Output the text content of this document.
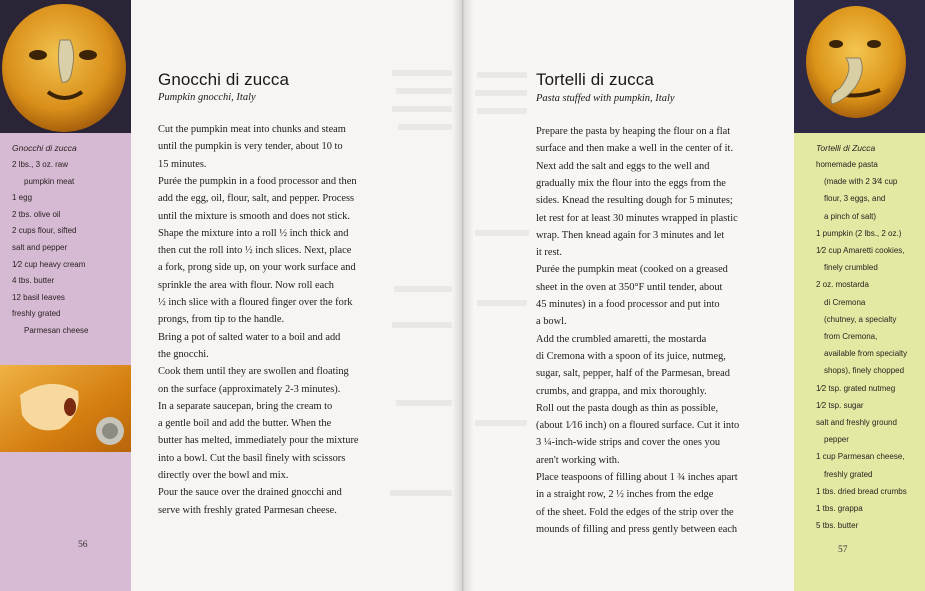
Gnocchi di zucca
2 lbs., 3 oz. raw
pumpkin meat
1 egg
2 tbs. olive oil
2 cups flour, sifted
salt and pepper
1⁄2 cup heavy cream
4 tbs. butter
12 basil leaves
freshly grated
Parmesan cheese
56
Gnocchi di zucca
Pumpkin gnocchi, Italy
Cut the pumpkin meat into chunks and steam
until the pumpkin is very tender, about 10 to
15 minutes.
Purée the pumpkin in a food processor and then
add the egg, oil, flour, salt, and pepper. Process
until the mixture is smooth and does not stick.
Shape the mixture into a roll ½ inch thick and
then cut the roll into ½ inch slices. Next, place
a fork, prong side up, on your work surface and
sprinkle the area with flour. Now roll each
½ inch slice with a floured finger over the fork
prongs, from tip to the handle.
Bring a pot of salted water to a boil and add
the gnocchi.
Cook them until they are swollen and floating
on the surface (approximately 2-3 minutes).
In a separate saucepan, bring the cream to
a gentle boil and add the butter. When the
butter has melted, immediately pour the mixture
into a bowl. Cut the basil finely with scissors
directly over the bowl and mix.
Pour the sauce over the drained gnocchi and
serve with freshly grated Parmesan cheese.
Tortelli di zucca
Pasta stuffed with pumpkin, Italy
Prepare the pasta by heaping the flour on a flat
surface and then make a well in the center of it.
Next add the salt and eggs to the well and
gradually mix the flour into the eggs from the
sides. Knead the resulting dough for 5 minutes;
let rest for at least 30 minutes wrapped in plastic
wrap. Then knead again for 3 minutes and let
it rest.
Purée the pumpkin meat (cooked on a greased
sheet in the oven at 350°F until tender, about
45 minutes) in a food processor and put into
a bowl.
Add the crumbled amaretti, the mostarda
di Cremona with a spoon of its juice, nutmeg,
sugar, salt, pepper, half of the Parmesan, bread
crumbs, and grappa, and mix thoroughly.
Roll out the pasta dough as thin as possible,
(about 1⁄16 inch) on a floured surface. Cut it into
3 ¼-inch-wide strips and cover the ones you
aren't working with.
Place teaspoons of filling about 1 ¾ inches apart
in a straight row, 2 ½ inches from the edge
of the sheet. Fold the edges of the strip over the
mounds of filling and press gently between each
Tortelli di Zucca
homemade pasta
(made with 2 3⁄4 cup
flour, 3 eggs, and
a pinch of salt)
1 pumpkin (2 lbs., 2 oz.)
1⁄2 cup Amaretti cookies,
finely crumbled
2 oz. mostarda
di Cremona
(chutney, a specialty
from Cremona,
available from specialty
shops), finely chopped
1⁄2 tsp. grated nutmeg
1⁄2 tsp. sugar
salt and freshly ground
pepper
1 cup Parmesan cheese,
freshly grated
1 tbs. dried bread crumbs
1 tbs. grappa
5 tbs. butter
57
